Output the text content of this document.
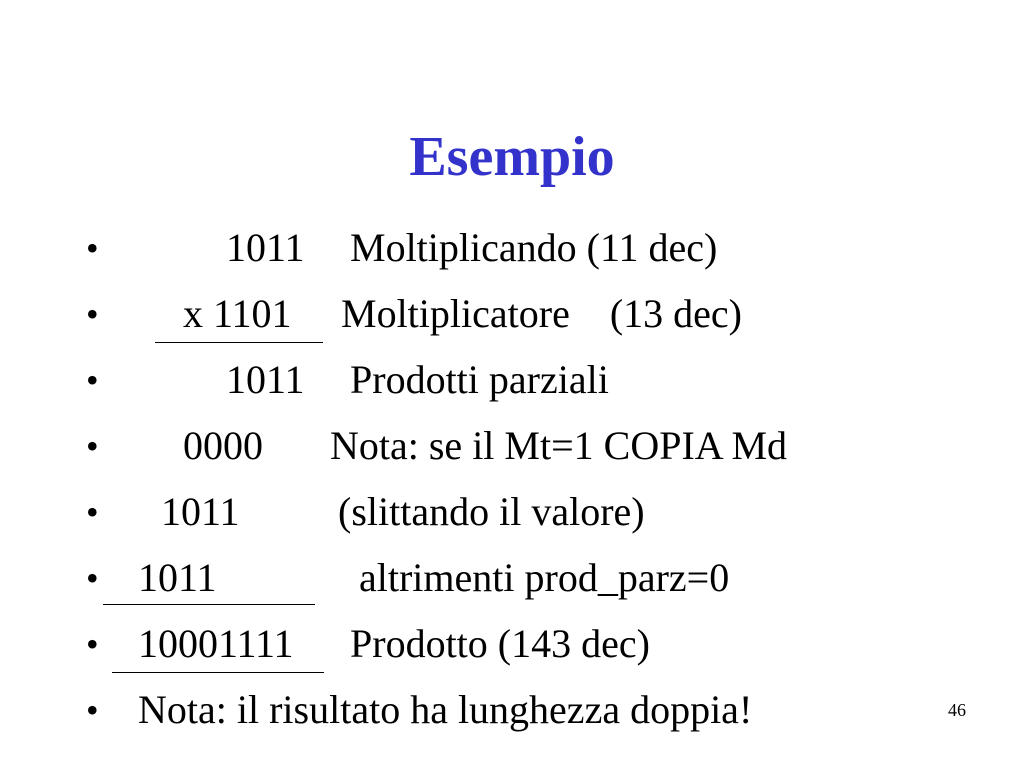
Esempio
•	1011 Moltiplicando (11 dec)
• x 1101 Moltiplicatore    (13 dec)
•	1011 Prodotti parziali
• 0000 Nota: se il Mt=1 COPIA Md
• 1011 (slittando il valore)
• 1011	altrimenti prod_parz=0
• 10001111 Prodotto (143 dec)
• Nota: il risultato ha lunghezza doppia!	46
